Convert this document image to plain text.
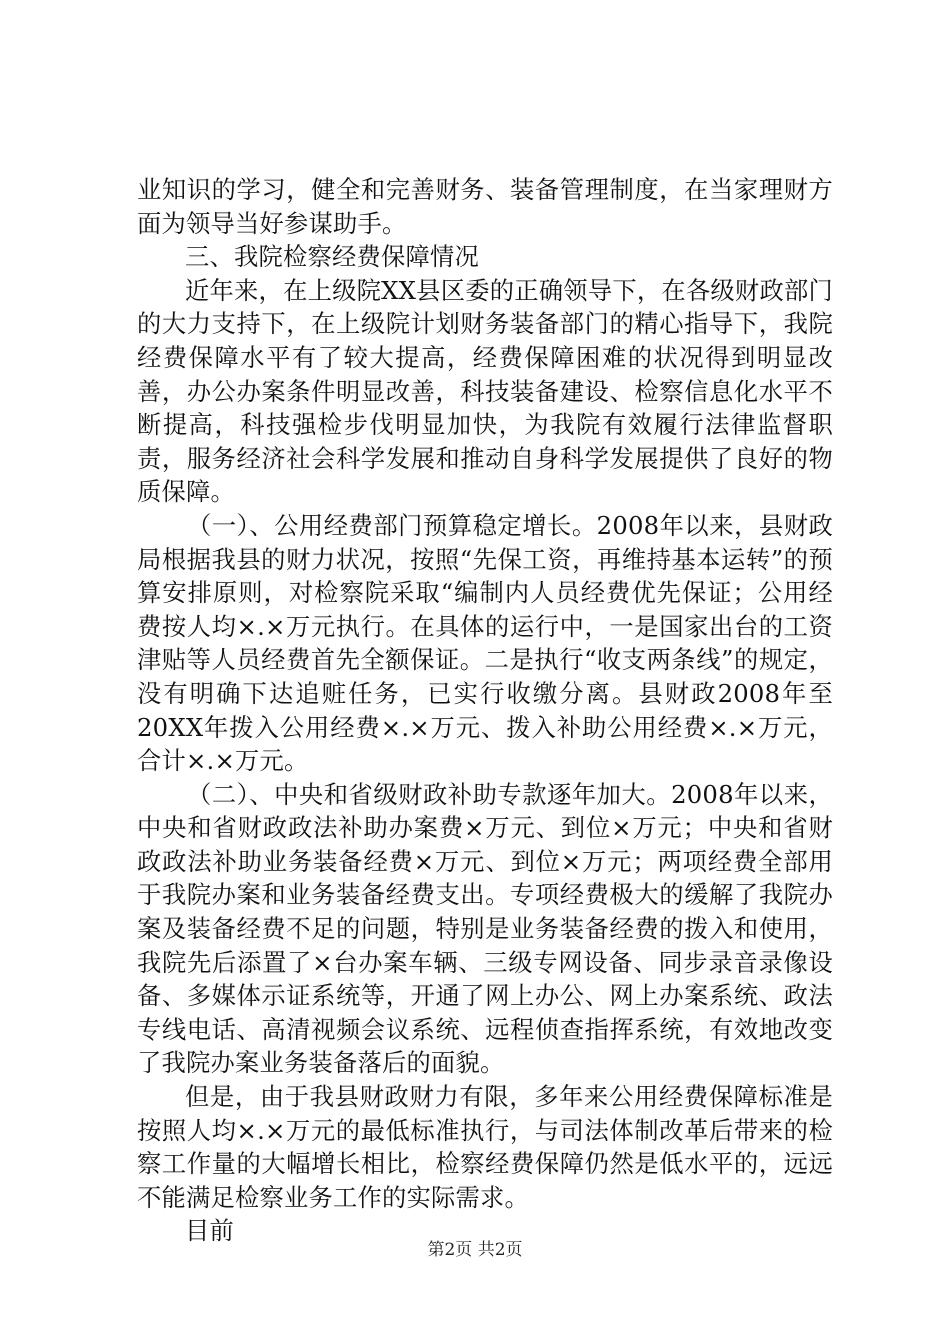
业知识的学习，健全和完善财务、装备管理制度，在当家理财方面为领导当好参谋助手。

三、我院检察经费保障情况

近年来，在上级院XX县区委的正确领导下，在各级财政部门的大力支持下，在上级院计划财务装备部门的精心指导下，我院经费保障水平有了较大提高，经费保障困难的状况得到明显改善，办公办案条件明显改善，科技装备建设、检察信息化水平不断提高，科技强检步伐明显加快，为我院有效履行法律监督职责，服务经济社会科学发展和推动自身科学发展提供了良好的物质保障。

（一）、公用经费部门预算稳定增长。2008年以来，县财政局根据我县的财力状况，按照“先保工资，再维持基本运转”的预算安排原则，对检察院采取“编制内人员经费优先保证；公用经费按人均×.×万元执行。在具体的运行中，一是国家出台的工资津贴等人员经费首先全额保证。二是执行“收支两条线”的规定，没有明确下达追赃任务，已实行收缴分离。县财政2008年至20XX年拨入公用经费×.×万元、拨入补助公用经费×.×万元，合计×.×万元。

（二）、中央和省级财政补助专款逐年加大。2008年以来，中央和省财政政法补助办案费×万元、到位×万元；中央和省财政政法补助业务装备经费×万元、到位×万元；两项经费全部用于我院办案和业务装备经费支出。专项经费极大的缓解了我院办案及装备经费不足的问题，特别是业务装备经费的拨入和使用，我院先后添置了×台办案车辆、三级专网设备、同步录音录像设备、多媒体示证系统等，开通了网上办公、网上办案系统、政法专线电话、高清视频会议系统、远程侦查指挥系统，有效地改变了我院办案业务装备落后的面貌。

但是，由于我县财政财力有限，多年来公用经费保障标准是按照人均×.×万元的最低标准执行，与司法体制改革后带来的检察工作量的大幅增长相比，检察经费保障仍然是低水平的，远远不能满足检察业务工作的实际需求。

目前

第2页 共2页
